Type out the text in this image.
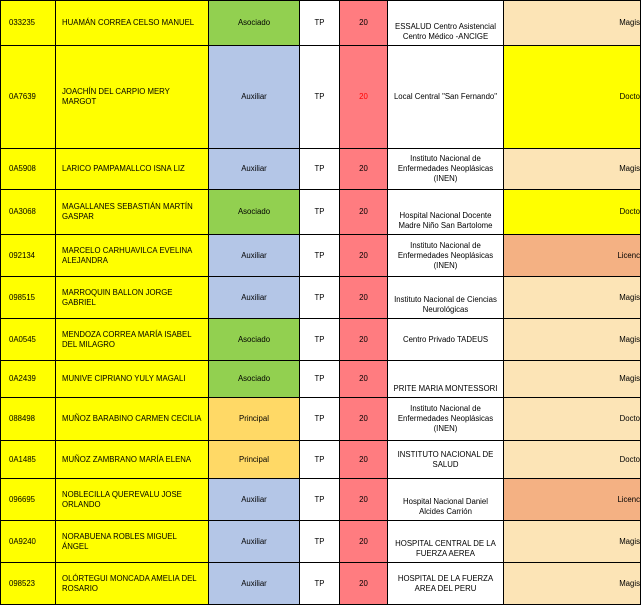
033235	HUAMÁN CORREA CELSO MANUEL	Asociado	TP	20	ESSALUD Centro Asistencial Centro Médico -ANCIGE	Magis
0A7639	JOACHÍN DEL CARPIO MERY MARGOT	Auxiliar	TP	20	Local Central "San Fernando"	Docto
0A5908	LARICO PAMPAMALLCO ISNA LIZ	Auxiliar	TP	20	Instituto Nacional de Enfermedades Neoplásicas (INEN)	Magis
0A3068	MAGALLANES SEBASTIÁN MARTÍN GASPAR	Asociado	TP	20	Hospital Nacional Docente Madre Niño San Bartolome	Docto
092134	MARCELO CARHUAVILCA EVELINA ALEJANDRA	Auxiliar	TP	20	Instituto Nacional de Enfermedades Neoplásicas (INEN)	Licenc
098515	MARROQUIN BALLON JORGE GABRIEL	Auxiliar	TP	20	Instituto Nacional de Ciencias Neurológicas	Magis
0A0545	MENDOZA CORREA MARÍA ISABEL DEL MILAGRO	Asociado	TP	20	Centro Privado TADEUS	Magis
0A2439	MUNIVE CIPRIANO YULY MAGALI	Asociado	TP	20	PRITE MARIA MONTESSORI	Magis
088498	MUÑOZ BARABINO CARMEN CECILIA	Principal	TP	20	Instituto Nacional de Enfermedades Neoplásicas (INEN)	Docto
0A1485	MUÑOZ ZAMBRANO MARÍA ELENA	Principal	TP	20	INSTITUTO NACIONAL DE SALUD	Docto
096695	NOBLECILLA QUEREVALU JOSE ORLANDO	Auxiliar	TP	20	Hospital Nacional Daniel Alcides Carrión	Licenc
0A9240	NORABUENA ROBLES MIGUEL ÁNGEL	Auxiliar	TP	20	HOSPITAL CENTRAL DE LA FUERZA AEREA	Magis
098523	OLÓRTEGUI MONCADA AMELIA DEL ROSARIO	Auxiliar	TP	20	HOSPITAL DE LA FUERZA AREA DEL PERU	Magis
